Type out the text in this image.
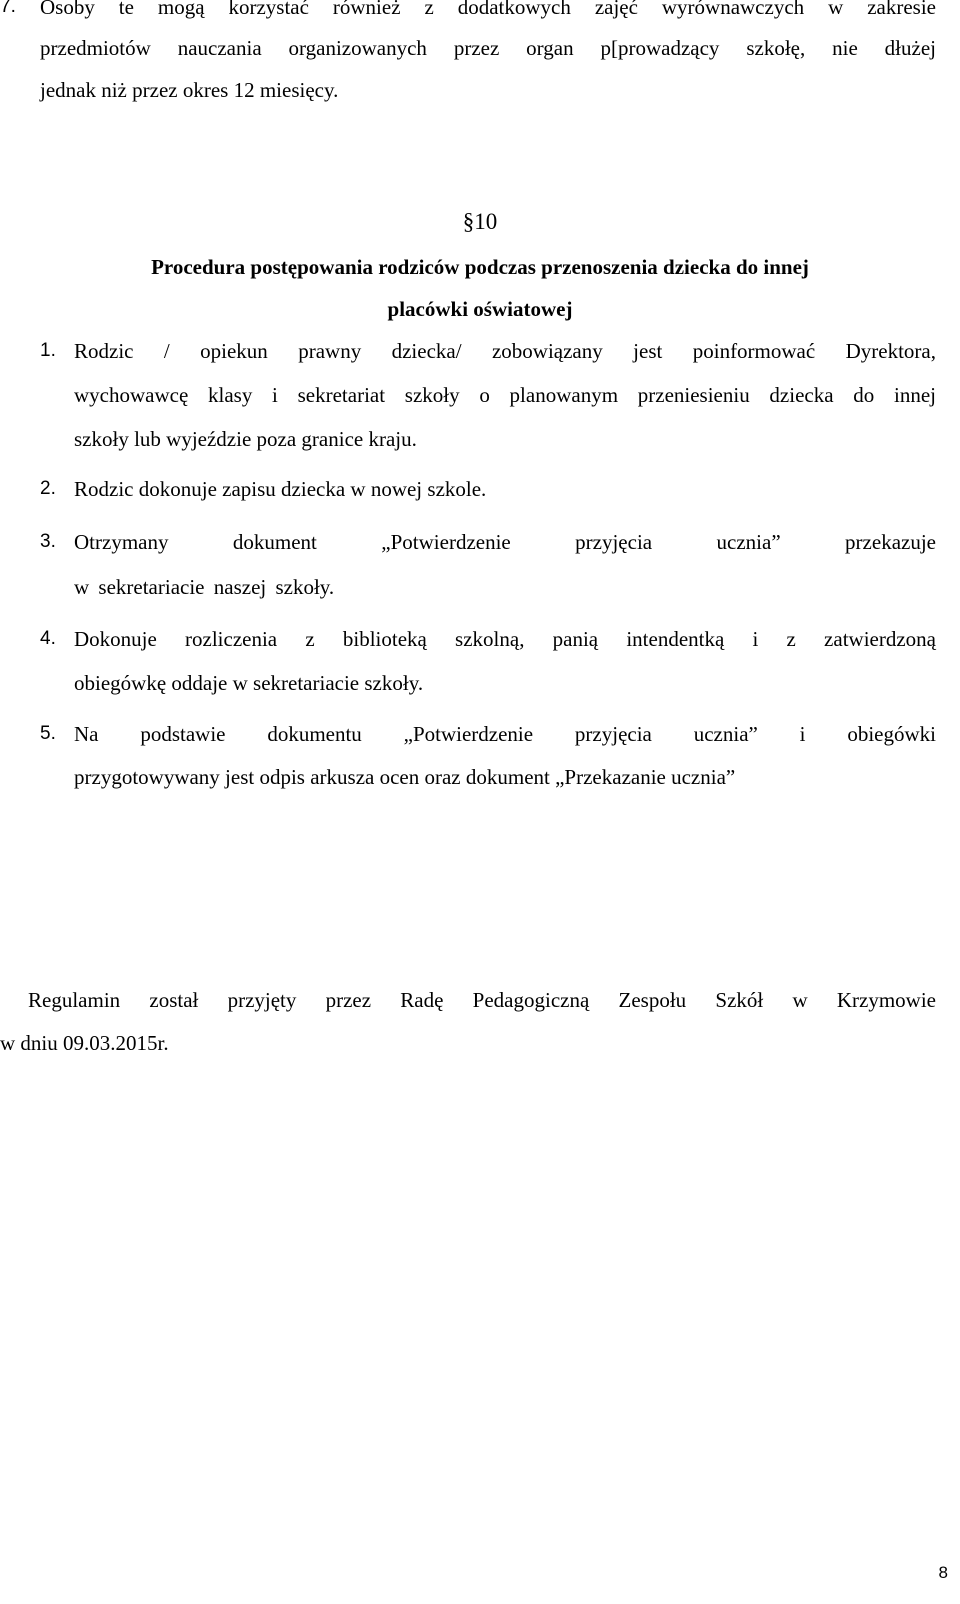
7. Osoby te mogą korzystać również z dodatkowych zajęć wyrównawczych w zakresie
przedmiotów nauczania organizowanych przez organ p[prowadzący szkołę, nie dłużej
jednak niż przez okres 12 miesięcy.
§10
Procedura postępowania rodziców podczas przenoszenia dziecka do innej
placówki oświatowej
1. Rodzic / opiekun prawny dziecka/ zobowiązany jest poinformować Dyrektora,
wychowawcę klasy i sekretariat szkoły o planowanym przeniesieniu dziecka do innej
szkoły lub wyjeździe poza granice kraju.
2. Rodzic dokonuje zapisu dziecka w nowej szkole.
3. Otrzymany dokument „Potwierdzenie przyjęcia ucznia” przekazuje
w sekretariacie naszej szkoły.
4. Dokonuje rozliczenia z biblioteką szkolną, panią intendentką i z zatwierdzoną
obiegówkę oddaje w sekretariacie szkoły.
5. Na podstawie dokumentu „Potwierdzenie przyjęcia ucznia” i obiegówki
przygotowywany jest odpis arkusza ocen oraz dokument „Przekazanie ucznia”
Regulamin został przyjęty przez Radę Pedagogiczną Zespołu Szkół w Krzymowie
w dniu 09.03.2015r.
8
